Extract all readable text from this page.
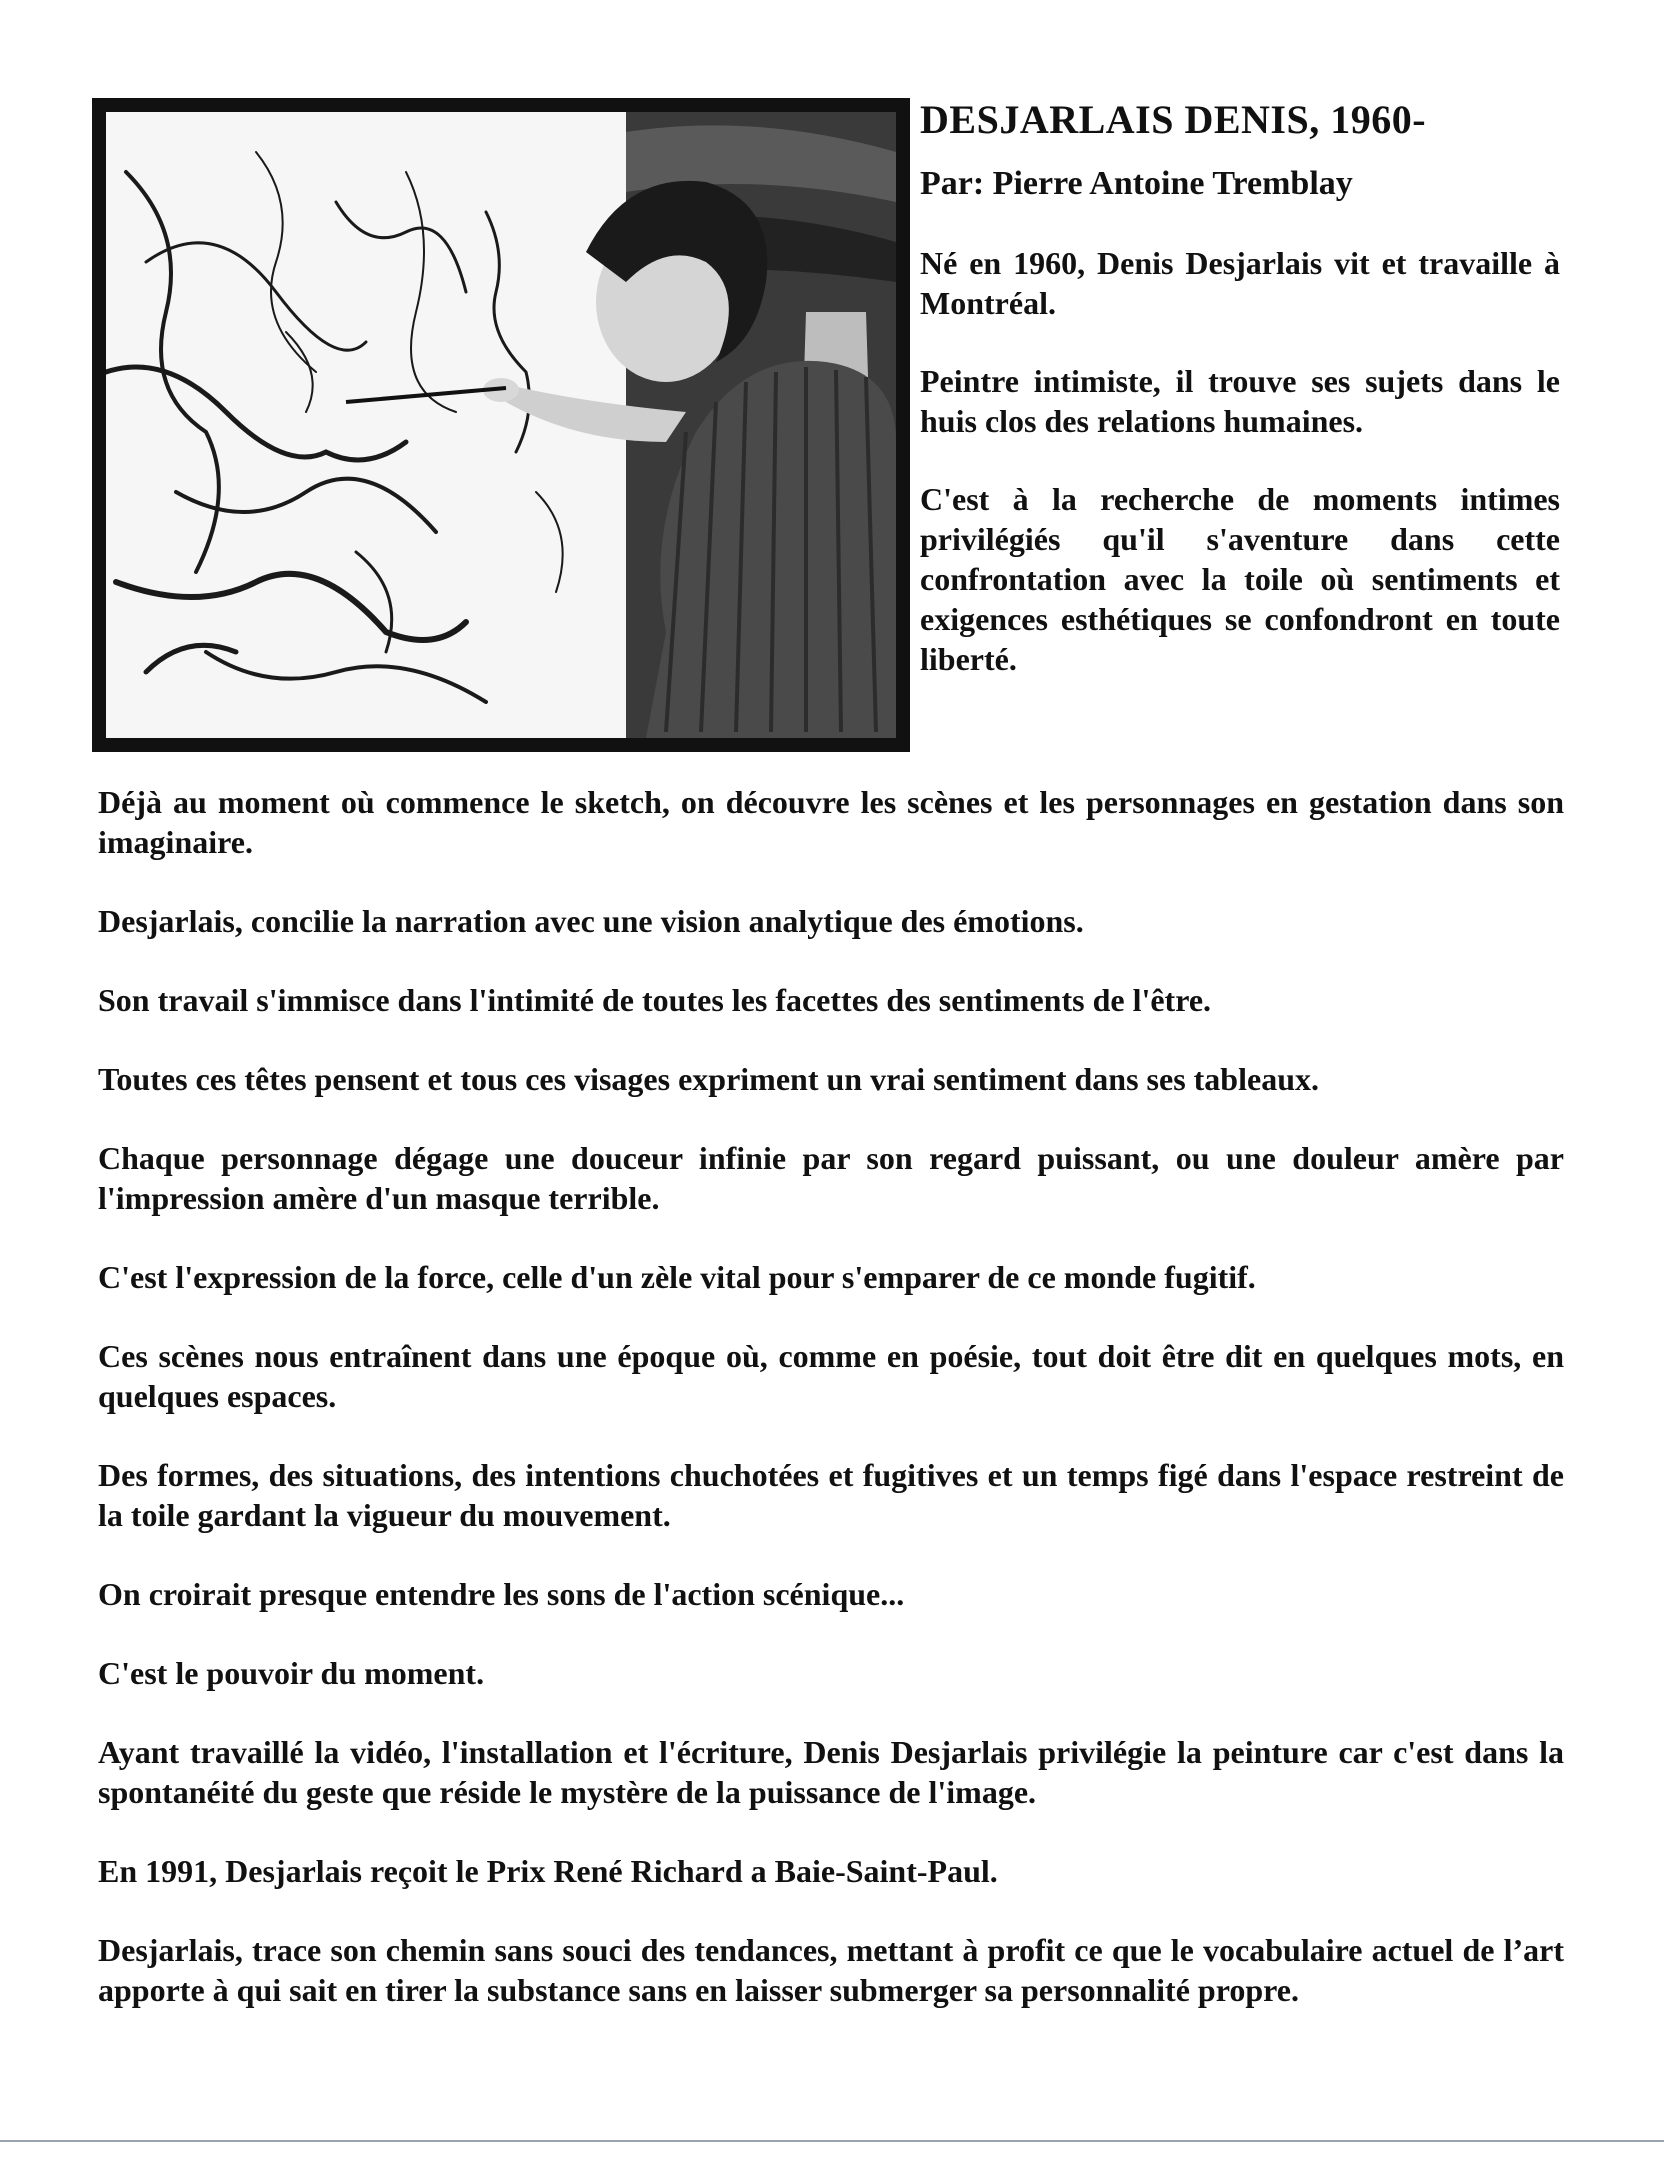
DESJARLAIS DENIS, 1960-
Par: Pierre Antoine Tremblay

Né en 1960, Denis Desjarlais vit et travaille à Montréal.

Peintre intimiste, il trouve ses sujets dans le huis clos des relations humaines.

C'est à la recherche de moments intimes privilégiés qu'il s'aventure dans cette confrontation avec la toile où sentiments et exigences esthétiques se confondront en toute liberté.

Déjà au moment où commence le sketch, on découvre les scènes et les personnages en gestation dans son imaginaire.

Desjarlais, concilie la narration avec une vision analytique des émotions.

Son travail s'immisce dans l'intimité de toutes les facettes des sentiments de l'être.

Toutes ces têtes pensent et tous ces visages expriment un vrai sentiment dans ses tableaux.

Chaque personnage dégage une douceur infinie par son regard puissant, ou une douleur amère par l'impression amère d'un masque terrible.

C'est l'expression de la force, celle d'un zèle vital pour s'emparer de ce monde fugitif.

Ces scènes nous entraînent dans une époque où, comme en poésie, tout doit être dit en quelques mots, en quelques espaces.

Des formes, des situations, des intentions chuchotées et fugitives et un temps figé dans l'espace restreint de la toile gardant la vigueur du mouvement.

On croirait presque entendre les sons de l'action scénique...

C'est le pouvoir du moment.

Ayant travaillé la vidéo, l'installation et l'écriture, Denis Desjarlais privilégie la peinture car c'est dans la spontanéité du geste que réside le mystère de la puissance de l'image.

En 1991, Desjarlais reçoit le Prix René Richard a Baie-Saint-Paul.

Desjarlais, trace son chemin sans souci des tendances, mettant à profit ce que le vocabulaire actuel de l’art apporte à qui sait en tirer la substance sans en laisser submerger sa personnalité propre.
